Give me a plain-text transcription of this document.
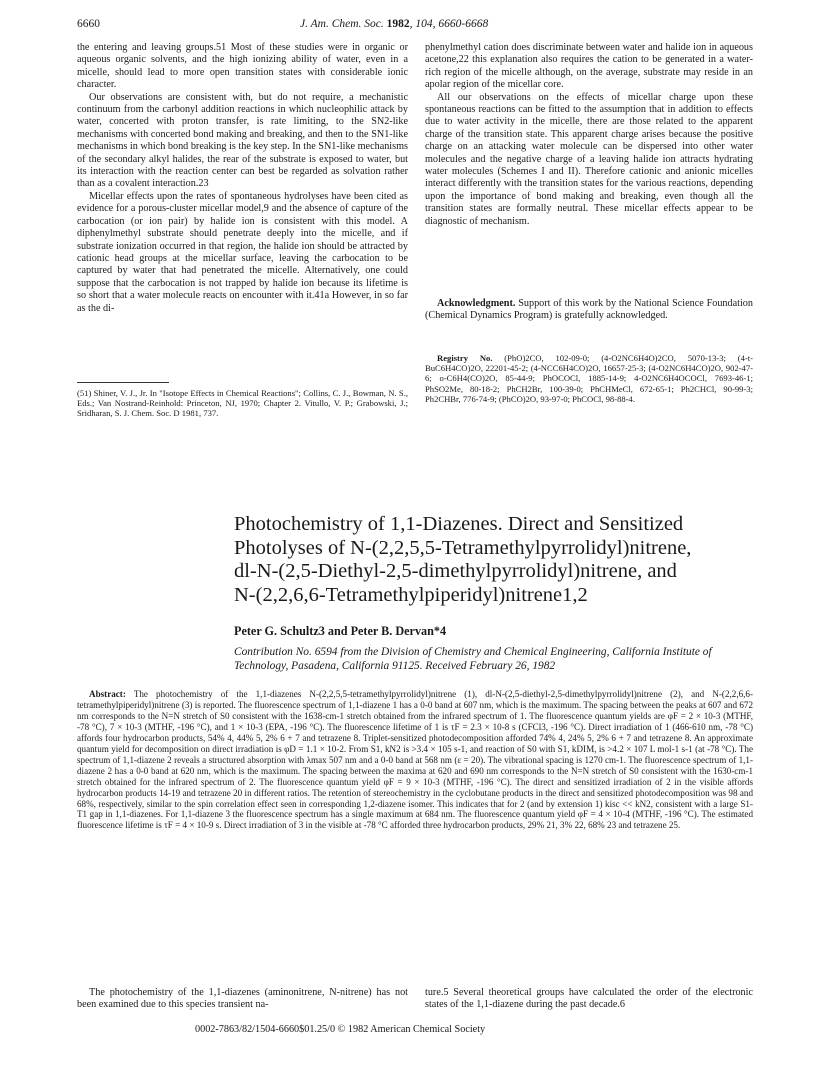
6660	J. Am. Chem. Soc. 1982, 104, 6660-6668

the entering and leaving groups.51 Most of these studies were in organic or aqueous organic solvents, and the high ionizing ability of water, even in a micelle, should lead to more open transition states with considerable ionic character.

Our observations are consistent with, but do not require, a mechanistic continuum from the carbonyl addition reactions in which nucleophilic attack by water, concerted with proton transfer, is rate limiting, to the SN2-like mechanisms with concerted bond making and breaking, and then to the SN1-like mechanisms in which bond breaking is the key step. In the SN1-like mechanisms of the secondary alkyl halides, the rear of the substrate is exposed to water, but its interaction with the reaction center can best be regarded as solvation rather than as a covalent interaction.23

Micellar effects upon the rates of spontaneous hydrolyses have been cited as evidence for a porous-cluster micellar model,9 and the absence of capture of the carbocation (or ion pair) by halide ion is consistent with this model. A diphenylmethyl substrate should penetrate deeply into the micelle, and if substrate ionization occurred in that region, the halide ion should be attracted by cationic head groups at the micellar surface, leaving the carbocation to be captured by water that had penetrated the micelle. Alternatively, one could suppose that the carbocation is not trapped by halide ion because its lifetime is so short that a water molecule reacts on encounter with it.41a However, in so far as the di-

(51) Shiner, V. J., Jr. In "Isotope Effects in Chemical Reactions"; Collins, C. J., Bowman, N. S., Eds.; Van Nostrand-Reinhold: Princeton, NJ, 1970; Chapter 2. Vitullo, V. P.; Grabowski, J.; Sridharan, S. J. Chem. Soc. D 1981, 737.

phenylmethyl cation does discriminate between water and halide ion in aqueous acetone,22 this explanation also requires the cation to be generated in a water-rich region of the micelle although, on the average, substrate may reside in an apolar region of the micellar core.

All our observations on the effects of micellar charge upon these spontaneous reactions can be fitted to the assumption that in addition to effects due to water activity in the micelle, there are those related to the apparent charge of the transition state. This apparent charge arises because the positive charge on an attacking water molecule can be dispersed into other water molecules and the negative charge of a leaving halide ion attracts hydrating water molecules (Schemes I and II). Therefore cationic and anionic micelles interact differently with the transition states for the various reactions, depending upon the importance of bond making and breaking, even though all the transition states are formally neutral. These micellar effects appear to be diagnostic of mechanism.

Acknowledgment. Support of this work by the National Science Foundation (Chemical Dynamics Program) is gratefully acknowledged.
Registry No. (PhO)2CO, 102-09-0; (4-O2NC6H4O)2CO, 5070-13-3; (4-t-BuC6H4CO)2O, 22201-45-2; (4-NCC6H4CO)2O, 16657-25-3; (4-O2NC6H4CO)2O, 902-47-6; o-C6H4(CO)2O, 85-44-9; PhOCOCl, 1885-14-9; 4-O2NC6H4OCOCl, 7693-46-1; PhSO2Me, 80-18-2; PhCH2Br, 100-39-0; PhCHMeCl, 672-65-1; Ph2CHCl, 90-99-3; Ph2CHBr, 776-74-9; (PhCO)2O, 93-97-0; PhCOCl, 98-88-4.
Photochemistry of 1,1-Diazenes. Direct and Sensitized
Photolyses of N-(2,2,5,5-Tetramethylpyrrolidyl)nitrene,
dl-N-(2,5-Diethyl-2,5-dimethylpyrrolidyl)nitrene, and
N-(2,2,6,6-Tetramethylpiperidyl)nitrene1,2
Peter G. Schultz3 and Peter B. Dervan*4
Contribution No. 6594 from the Division of Chemistry and Chemical Engineering, California Institute of Technology, Pasadena, California 91125. Received February 26, 1982
Abstract: The photochemistry of the 1,1-diazenes N-(2,2,5,5-tetramethylpyrrolidyl)nitrene (1), dl-N-(2,5-diethyl-2,5-dimethylpyrrolidyl)nitrene (2), and N-(2,2,6,6-tetramethylpiperidyl)nitrene (3) is reported. The fluorescence spectrum of 1,1-diazene 1 has a 0-0 band at 607 nm, which is the maximum. The spacing between the peaks at 607 and 672 nm corresponds to the N=N stretch of S0 consistent with the 1638-cm-1 stretch obtained from the infrared spectrum of 1. The fluorescence quantum yields are φF = 2 × 10-3 (MTHF, -78 °C), 7 × 10-3 (MTHF, -196 °C), and 1 × 10-3 (EPA, -196 °C). The fluorescence lifetime of 1 is τF = 2.3 × 10-8 s (CFCl3, -196 °C). Direct irradiation of 1 (466-610 nm, -78 °C) affords four hydrocarbon products, 54% 4, 44% 5, 2% 6 + 7 and tetrazene 8. Triplet-sensitized photodecomposition afforded 74% 4, 24% 5, 2% 6 + 7 and tetrazene 8. An approximate quantum yield for decomposition on direct irradiation is φD = 1.1 × 10-2. From S1, kN2 is >3.4 × 105 s-1, and reaction of S0 with S1, kDIM, is >4.2 × 107 L mol-1 s-1 (at -78 °C). The spectrum of 1,1-diazene 2 reveals a structured absorption with λmax 507 nm and a 0-0 band at 568 nm (ε = 20). The vibrational spacing is 1270 cm-1. The fluorescence spectrum of 1,1-diazene 2 has a 0-0 band at 620 nm, which is the maximum. The spacing between the maxima at 620 and 690 nm corresponds to the N=N stretch of S0 consistent with the 1630-cm-1 stretch obtained for the infrared spectrum of 2. The fluorescence quantum yield φF = 9 × 10-3 (MTHF, -196 °C). The direct and sensitized irradiation of 2 in the visible affords hydrocarbon products 14-19 and tetrazene 20 in different ratios. The retention of stereochemistry in the cyclobutane products in the direct and sensitized photodecomposition was 98 and 68%, respectively, similar to the spin correlation effect seen in corresponding 1,2-diazene isomer. This indicates that for 2 (and by extension 1) kisc << kN2, consistent with a large S1-T1 gap in 1,1-diazenes. For 1,1-diazene 3 the fluorescence spectrum has a single maximum at 684 nm. The fluorescence quantum yield φF = 4 × 10-4 (MTHF, -196 °C). The estimated fluorescence lifetime is τF = 4 × 10-9 s. Direct irradiation of 3 in the visible at -78 °C afforded three hydrocarbon products, 29% 21, 3% 22, 68% 23 and tetrazene 25.
The photochemistry of the 1,1-diazenes (aminonitrene, N-nitrene) has not been examined due to this species transient na-
ture.5 Several theoretical groups have calculated the order of the electronic states of the 1,1-diazene during the past decade.6
0002-7863/82/1504-6660$01.25/0 © 1982 American Chemical Society
